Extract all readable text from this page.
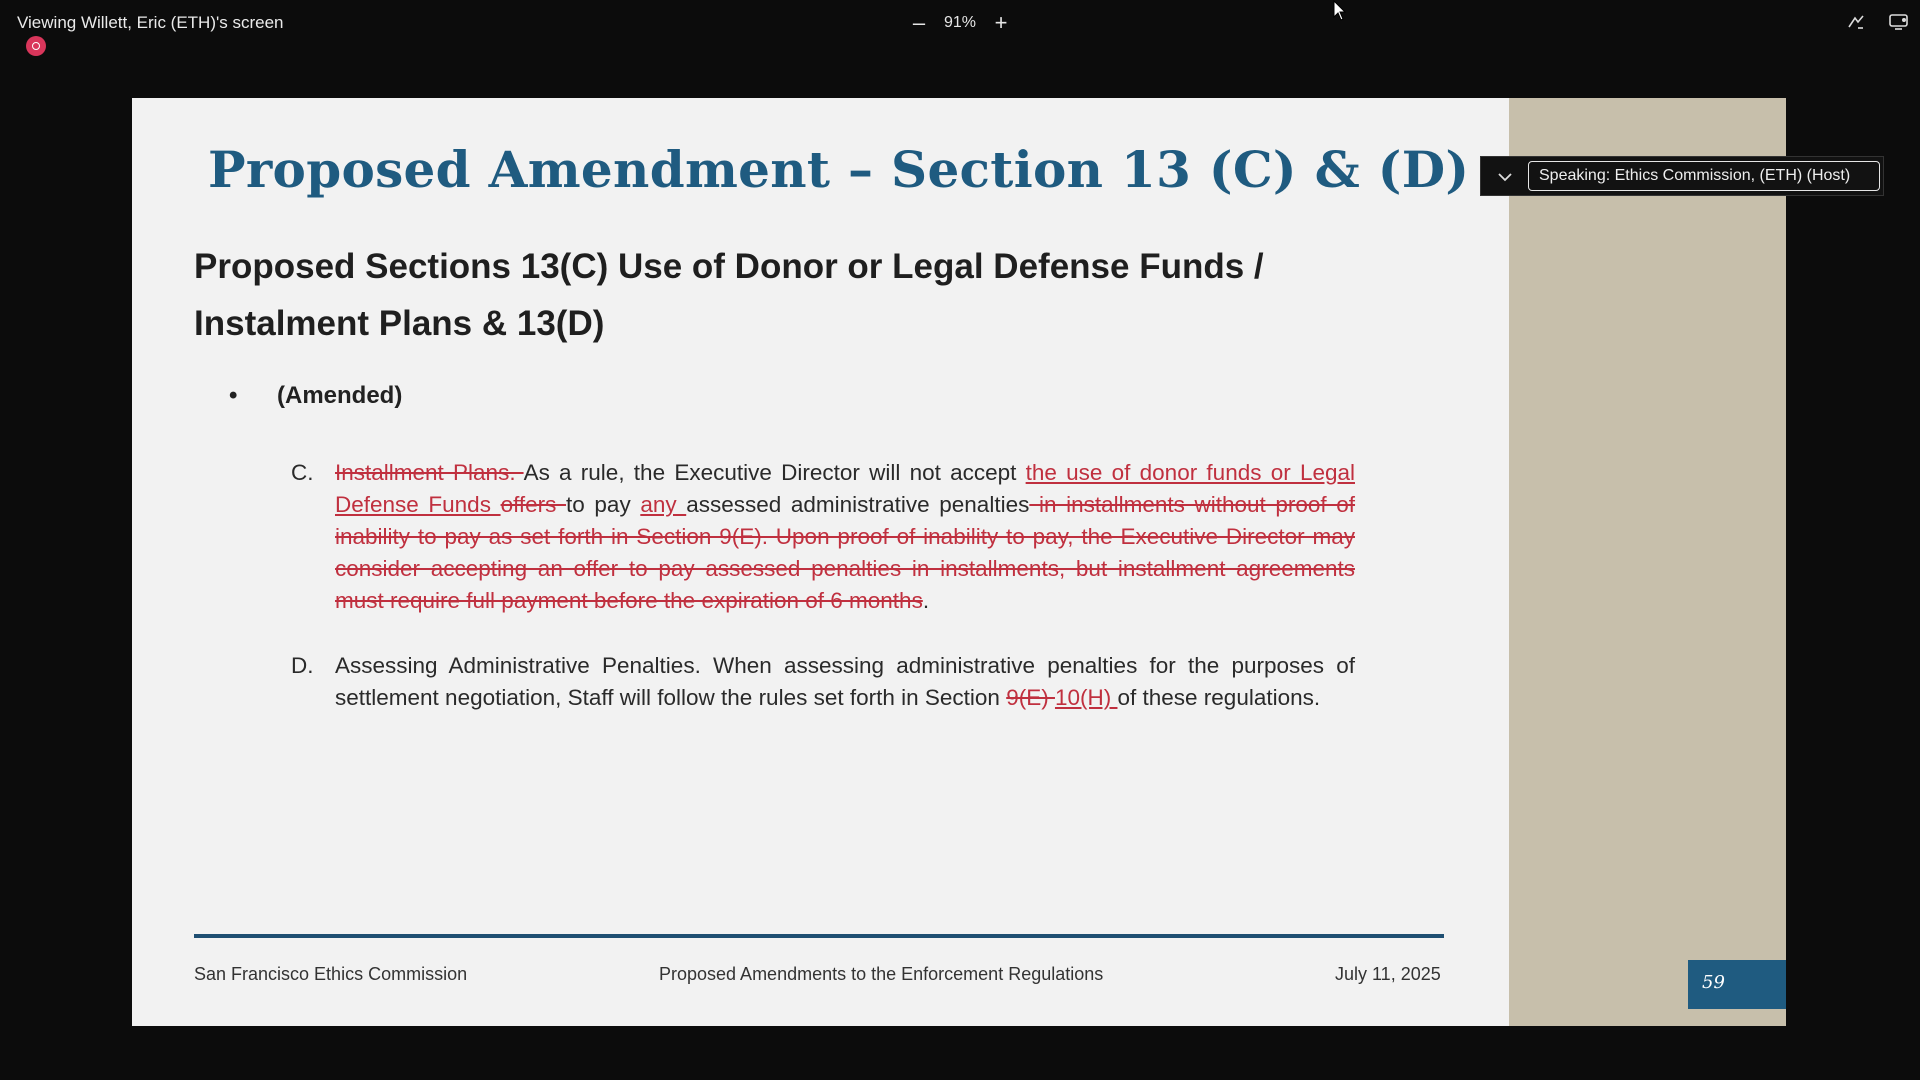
Viewing Willett, Eric (ETH)'s screen	–	91% +
Proposed Amendment – Section 13 (C) & (D)
Proposed Sections 13(C) Use of Donor or Legal Defense Funds /
Instalment Plans & 13(D)
• (Amended)
C. Installment Plans. As a rule, the Executive Director will not accept the use of donor funds or Legal Defense Funds offers to pay any assessed administrative penalties in installments without proof of inability to pay as set forth in Section 9(E). Upon proof of inability to pay, the Executive Director may consider accepting an offer to pay assessed penalties in installments, but installment agreements must require full payment before the expiration of 6 months.
D. Assessing Administrative Penalties. When assessing administrative penalties for the purposes of settlement negotiation, Staff will follow the rules set forth in Section 9(E) 10(H) of these regulations.
San Francisco Ethics Commission	Proposed Amendments to the Enforcement Regulations	July 11, 2025	59
Speaking: Ethics Commission, (ETH) (Host)
